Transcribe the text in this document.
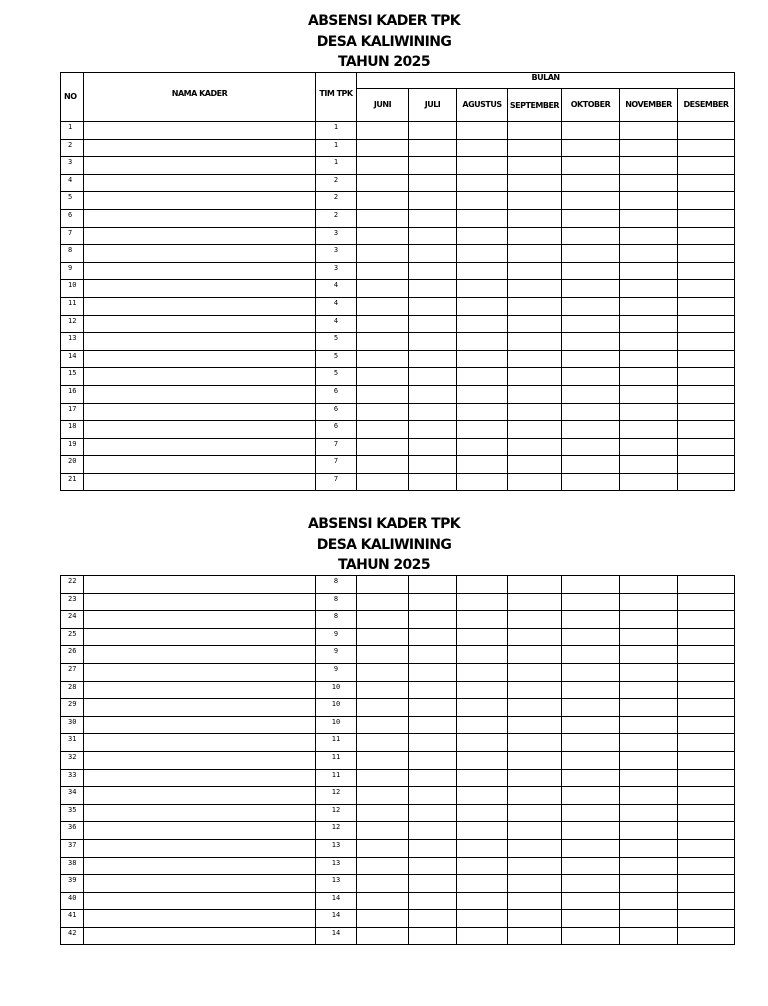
ABSENSI KADER TPK
DESA KALIWINING
TAHUN 2025
NO	NAMA KADER	TIM TPK	BULAN						
			JUNI	JULI	AGUSTUS	SEPTEMBER	OKTOBER	NOVEMBER	DESEMBER
1		1							
2		1							
3		1							
4		2							
5		2							
6		2							
7		3							
8		3							
9		3							
10		4							
11		4							
12		4							
13		5							
14		5							
15		5							
16		6							
17		6							
18		6							
19		7							
20		7							
21		7							
ABSENSI KADER TPK
DESA KALIWINING
TAHUN 2025
22		8							
23		8							
24		8							
25		9							
26		9							
27		9							
28		10							
29		10							
30		10							
31		11							
32		11							
33		11							
34		12							
35		12							
36		12							
37		13							
38		13							
39		13							
40		14							
41		14							
42		14							
